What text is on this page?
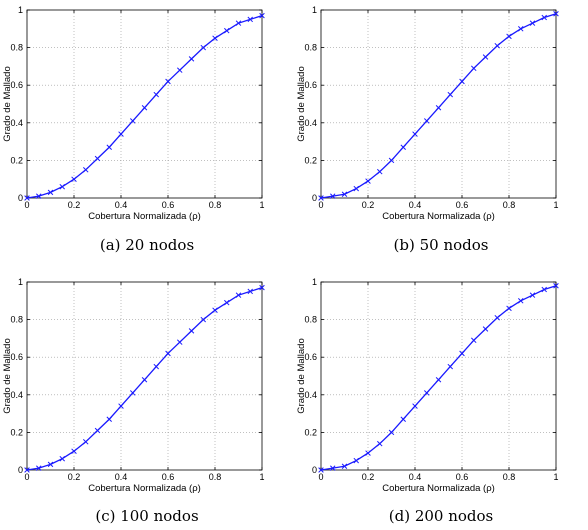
0	0.2	0.4	0.6	0.8	1
0
0.2
0.4
0.6
0.8
1
Cobertura Normalizada (ρ)
Grado de Mallado
(a) 20 nodos
0	0.2	0.4	0.6	0.8	1
0
0.2
0.4
0.6
0.8
1
Cobertura Normalizada (ρ)
Grado de Mallado
(b) 50 nodos
0	0.2	0.4	0.6	0.8	1
0
0.2
0.4
0.6
0.8
1
Cobertura Normalizada (ρ)
Grado de Mallado
(c) 100 nodos
0	0.2	0.4	0.6	0.8	1
0
0.2
0.4
0.6
0.8
1
Cobertura Normalizada (ρ)
Grado de Mallado
(d) 200 nodos
